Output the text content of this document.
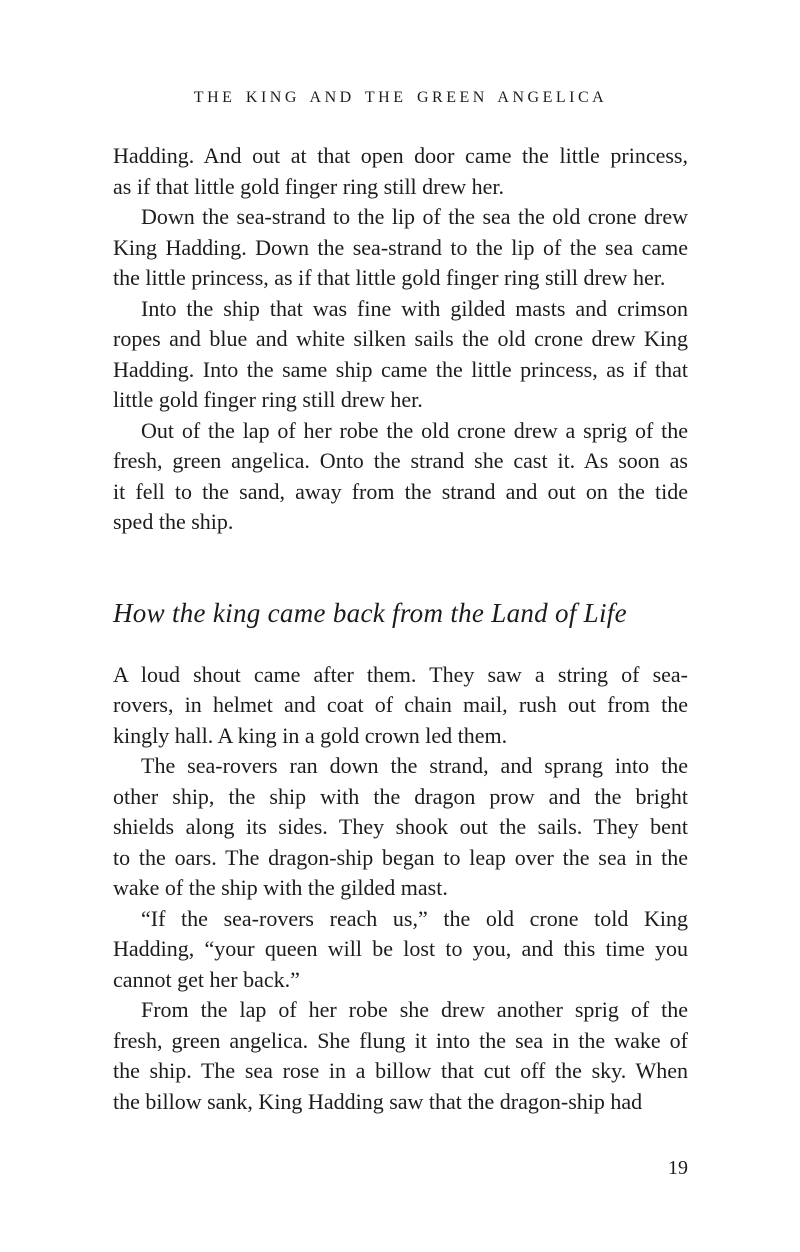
THE KING AND THE GREEN ANGELICA
Hadding. And out at that open door came the little princess,
as if that little gold finger ring still drew her.
Down the sea-strand to the lip of the sea the old crone drew
King Hadding. Down the sea-strand to the lip of the sea came
the little princess, as if that little gold finger ring still drew her.
Into the ship that was fine with gilded masts and crimson
ropes and blue and white silken sails the old crone drew King
Hadding. Into the same ship came the little princess, as if that
little gold finger ring still drew her.
Out of the lap of her robe the old crone drew a sprig of the
fresh, green angelica. Onto the strand she cast it. As soon as
it fell to the sand, away from the strand and out on the tide
sped the ship.
How the king came back from the Land of Life
A loud shout came after them. They saw a string of sea-
rovers, in helmet and coat of chain mail, rush out from the
kingly hall. A king in a gold crown led them.
The sea-rovers ran down the strand, and sprang into the
other ship, the ship with the dragon prow and the bright
shields along its sides. They shook out the sails. They bent
to the oars. The dragon-ship began to leap over the sea in the
wake of the ship with the gilded mast.
“If the sea-rovers reach us,” the old crone told King
Hadding, “your queen will be lost to you, and this time you
cannot get her back.”
From the lap of her robe she drew another sprig of the
fresh, green angelica. She flung it into the sea in the wake of
the ship. The sea rose in a billow that cut off the sky. When
the billow sank, King Hadding saw that the dragon-ship had
19
